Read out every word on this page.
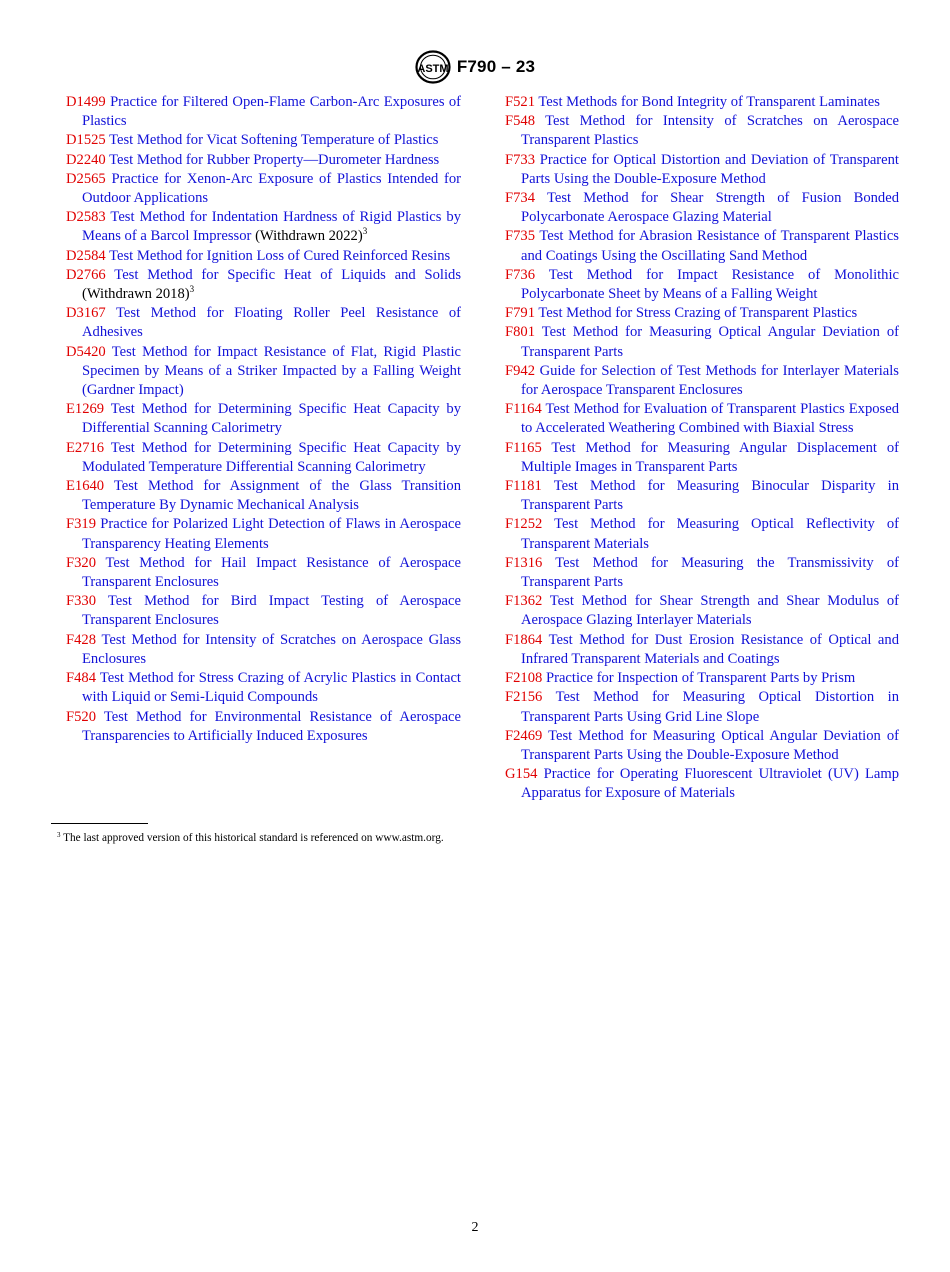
ASTM F790 – 23

D1499 Practice for Filtered Open-Flame Carbon-Arc Exposures of Plastics

D1525 Test Method for Vicat Softening Temperature of Plastics

D2240 Test Method for Rubber Property—Durometer Hardness

D2565 Practice for Xenon-Arc Exposure of Plastics Intended for Outdoor Applications

D2583 Test Method for Indentation Hardness of Rigid Plastics by Means of a Barcol Impressor (Withdrawn 2022)$^3$

D2584 Test Method for Ignition Loss of Cured Reinforced Resins

D2766 Test Method for Specific Heat of Liquids and Solids (Withdrawn 2018)$^3$

D3167 Test Method for Floating Roller Peel Resistance of Adhesives

D5420 Test Method for Impact Resistance of Flat, Rigid Plastic Specimen by Means of a Striker Impacted by a Falling Weight (Gardner Impact)

E1269 Test Method for Determining Specific Heat Capacity by Differential Scanning Calorimetry

E2716 Test Method for Determining Specific Heat Capacity by Modulated Temperature Differential Scanning Calorimetry

E1640 Test Method for Assignment of the Glass Transition Temperature By Dynamic Mechanical Analysis

F319 Practice for Polarized Light Detection of Flaws in Aerospace Transparency Heating Elements

F320 Test Method for Hail Impact Resistance of Aerospace Transparent Enclosures

F330 Test Method for Bird Impact Testing of Aerospace Transparent Enclosures

F428 Test Method for Intensity of Scratches on Aerospace Glass Enclosures

F484 Test Method for Stress Crazing of Acrylic Plastics in Contact with Liquid or Semi-Liquid Compounds

F520 Test Method for Environmental Resistance of Aerospace Transparencies to Artificially Induced Exposures

F521 Test Methods for Bond Integrity of Transparent Laminates

F548 Test Method for Intensity of Scratches on Aerospace Transparent Plastics

F733 Practice for Optical Distortion and Deviation of Transparent Parts Using the Double-Exposure Method

F734 Test Method for Shear Strength of Fusion Bonded Polycarbonate Aerospace Glazing Material

F735 Test Method for Abrasion Resistance of Transparent Plastics and Coatings Using the Oscillating Sand Method

F736 Test Method for Impact Resistance of Monolithic Polycarbonate Sheet by Means of a Falling Weight

F791 Test Method for Stress Crazing of Transparent Plastics

F801 Test Method for Measuring Optical Angular Deviation of Transparent Parts

F942 Guide for Selection of Test Methods for Interlayer Materials for Aerospace Transparent Enclosures

F1164 Test Method for Evaluation of Transparent Plastics Exposed to Accelerated Weathering Combined with Biaxial Stress

F1165 Test Method for Measuring Angular Displacement of Multiple Images in Transparent Parts

F1181 Test Method for Measuring Binocular Disparity in Transparent Parts

F1252 Test Method for Measuring Optical Reflectivity of Transparent Materials

F1316 Test Method for Measuring the Transmissivity of Transparent Parts

F1362 Test Method for Shear Strength and Shear Modulus of Aerospace Glazing Interlayer Materials

F1864 Test Method for Dust Erosion Resistance of Optical and Infrared Transparent Materials and Coatings

F2108 Practice for Inspection of Transparent Parts by Prism

F2156 Test Method for Measuring Optical Distortion in Transparent Parts Using Grid Line Slope

F2469 Test Method for Measuring Optical Angular Deviation of Transparent Parts Using the Double-Exposure Method

G154 Practice for Operating Fluorescent Ultraviolet (UV) Lamp Apparatus for Exposure of Materials

$^3$ The last approved version of this historical standard is referenced on www.astm.org.
2
